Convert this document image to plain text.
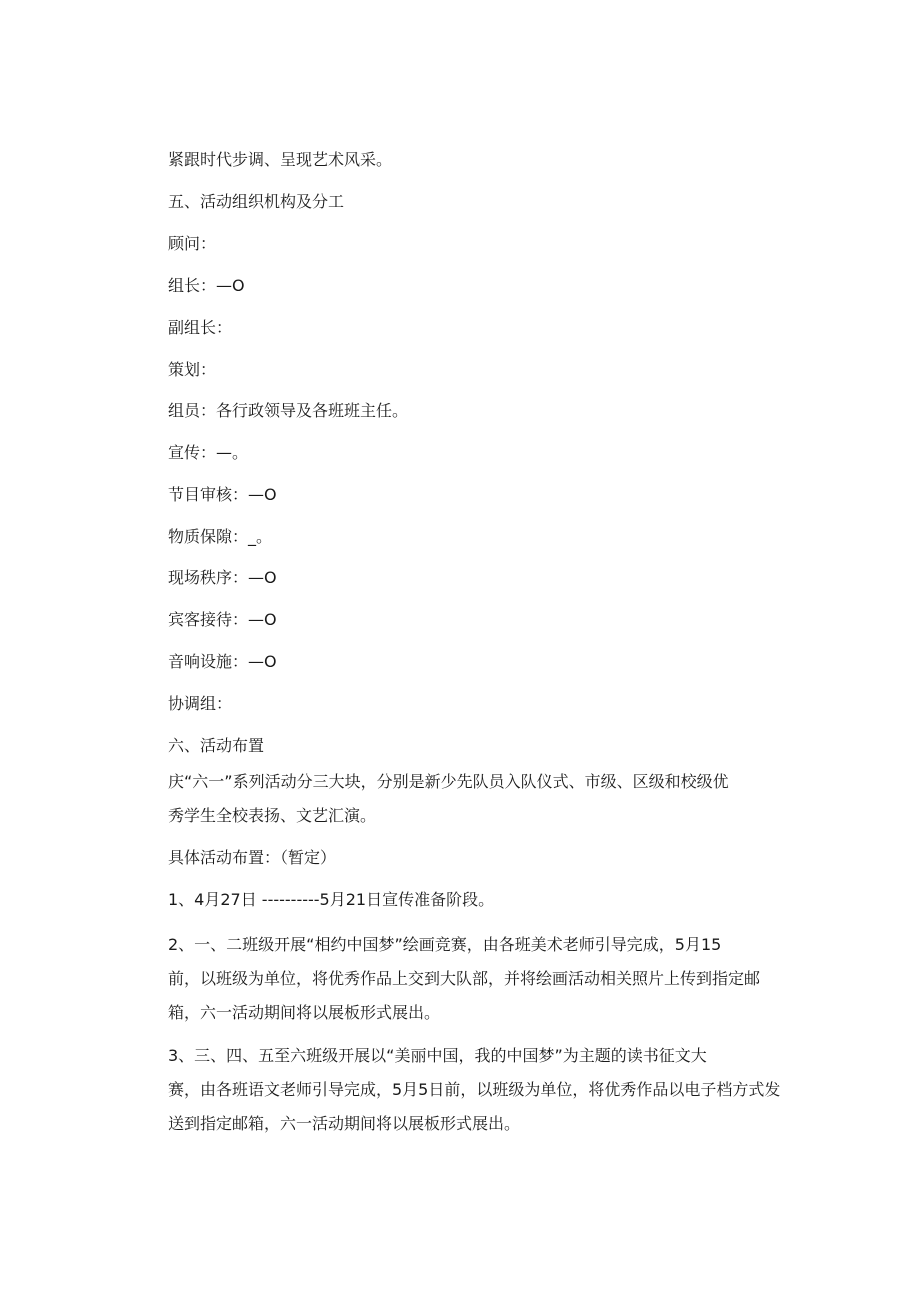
紧跟时代步调、呈现艺术风采。

五、活动组织机构及分工

顾问：

组长：—O

副组长：

策划：

组员：各行政领导及各班班主任。

宣传：—。

节目审核：—O

物质保隙：_。

现场秩序：—O

宾客接待：—O

音响设施：—O

协调组：

六、活动布置

庆“六一”系列活动分三大块，分别是新少先队员入队仪式、市级、区级和校级优
秀学生全校表扬、文艺汇演。
具体活动布置：（暂定）
1、4月27日 ----------5月21日宣传准备阶段。
2、一、二班级开展“相约中国梦”绘画竞赛，由各班美术老师引导完成，5月15
前，以班级为单位，将优秀作品上交到大队部，并将绘画活动相关照片上传到指定邮
箱，六一活动期间将以展板形式展出。
3、三、四、五至六班级开展以“美丽中国，我的中国梦”为主题的读书征文大
赛，由各班语文老师引导完成，5月5日前，以班级为单位，将优秀作品以电子档方式发
送到指定邮箱，六一活动期间将以展板形式展出。
